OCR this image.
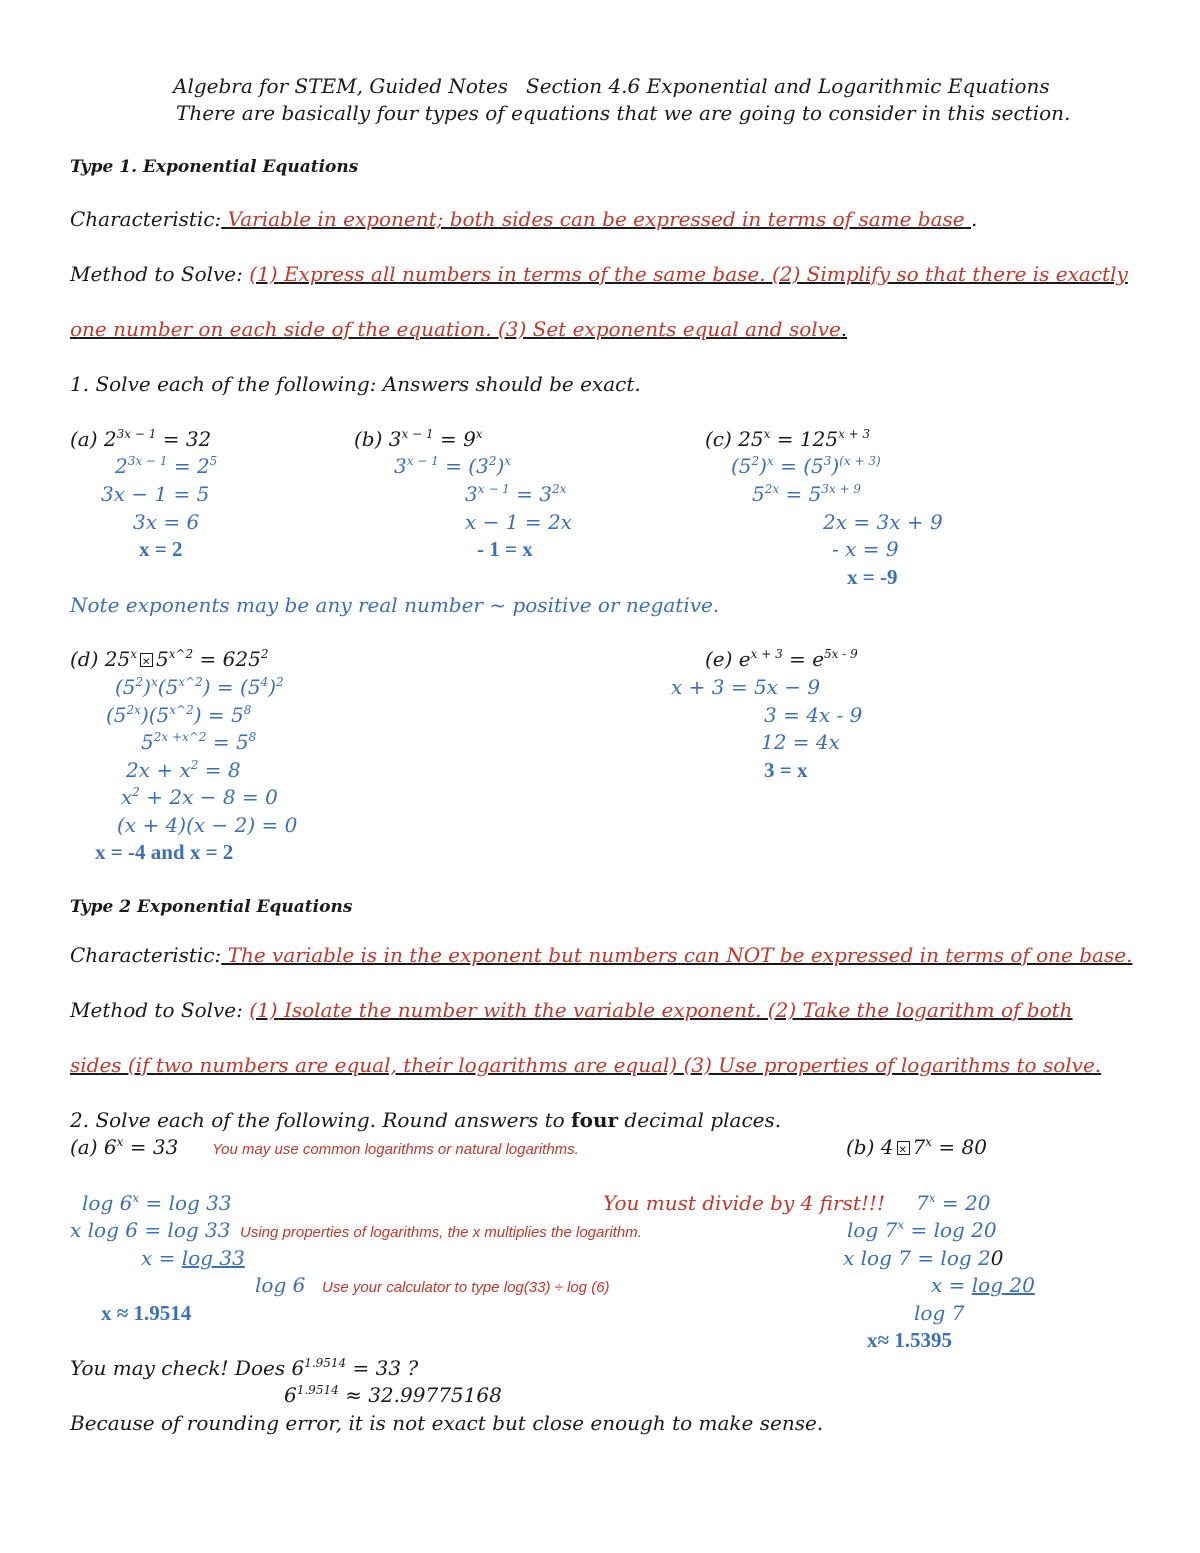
Algebra for STEM, Guided Notes Section 4.6 Exponential and Logarithmic Equations
There are basically four types of equations that we are going to consider in this section.
Type 1. Exponential Equations
Characteristic: Variable in exponent; both sides can be expressed in terms of same base .
Method to Solve: (1) Express all numbers in terms of the same base. (2) Simplify so that there is exactly
one number on each side of the equation. (3) Set exponents equal and solve.
1. Solve each of the following: Answers should be exact.
(a) $2^{3x - 1} = 32$
$2^{3x - 1} = 2^5$
3x − 1 = 5
3x = 6
x = 2
(b) $3^{x - 1} = 9^x$
$3^{x - 1} = (3^2)^x$
$3^{x - 1} = 3^{2x}$
x − 1 = 2x
- 1 = x
(c) $25^x = 125^{x + 3}$
$(5^2)^x = (5^3)^{(x + 3)}$
$5^{2x} = 5^{3x + 9}$
2x = 3x + 9
- x = 9
x = -9
Note exponents may be any real number ~ positive or negative.
(d) 25$^x$ ✕ $5^{x\^{}2} = 625^2$
$(5^2)^x(5^{x\^{}2}) = (5^4)^2$
$(5^{2x})(5^{x\^{}2}) = 5^8$
$5^{2x +x\^{}2} = 5^8$
$2x + x^2 = 8$
$x^2 + 2x - 8 = 0$
(x + 4)(x − 2) = 0
x = -4 and x = 2
(e) $e^{x + 3} = e^{5x - 9}$
x + 3 = 5x − 9
3 = 4x - 9
12 = 4x
3 = x
Type 2 Exponential Equations
Characteristic: The variable is in the exponent but numbers can NOT be expressed in terms of one base.
Method to Solve: (1) Isolate the number with the variable exponent. (2) Take the logarithm of both
sides (if two numbers are equal, their logarithms are equal) (3) Use properties of logarithms to solve.
2. Solve each of the following. Round answers to four decimal places.
(a) $6^x = 33$ You may use common logarithms or natural logarithms.
$\log 6^x = \log 33$
x log 6 = log 33 Using properties of logarithms, the x multiplies the logarithm.
x = log 33
log 6 Use your calculator to type log(33) ÷ log (6)
x ≈ 1.9514
(b) 4 ✕ $7^x = 80$
You must divide by 4 first!!! $7^x = 20$
$\log 7^x = \log 20$
x log 7 = log 20
x = log 20
log 7
x≈ 1.5395
You may check! Does $6^{1.9514} = 33$ ?
$6^{1.9514} \approx 32.99775168$
Because of rounding error, it is not exact but close enough to make sense.
